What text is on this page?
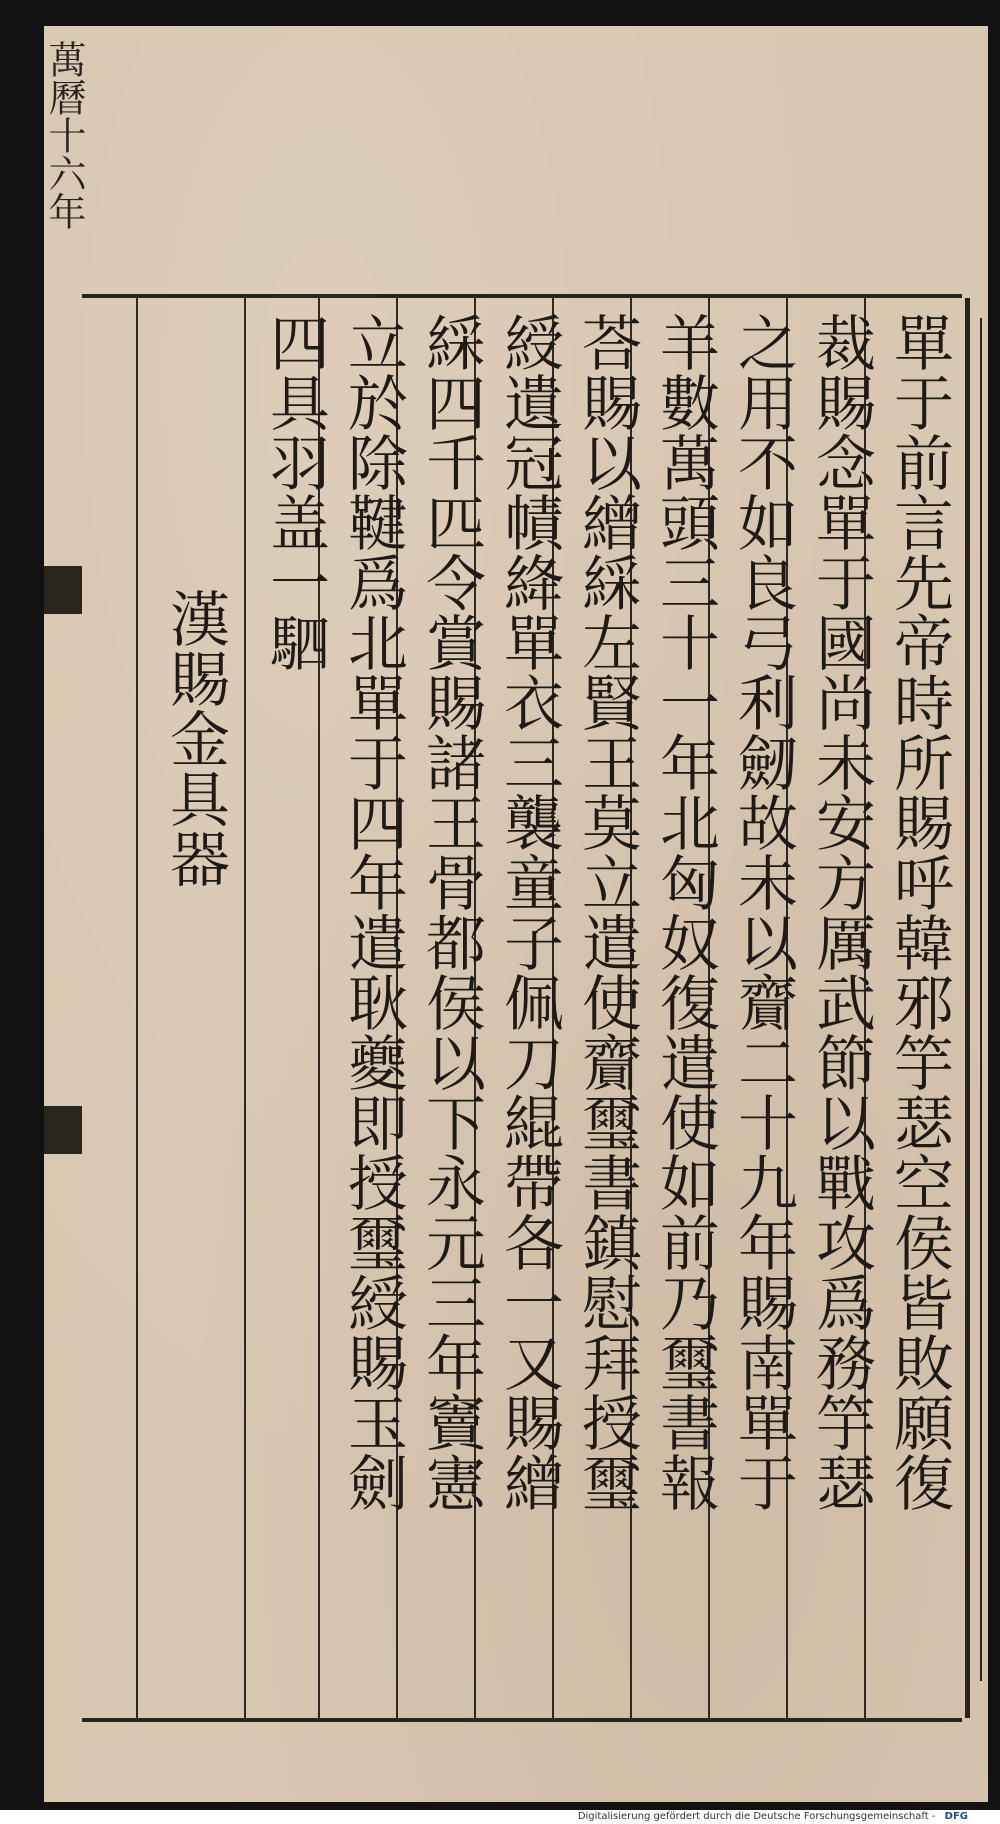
萬曆十六年
單于前言先帝時所賜呼韓邪竽瑟空侯皆敗願復
裁賜念單于國尚未安方厲武節以戰攻爲務竽瑟
之用不如良弓利劒故未以齎二十九年賜南單于
羊數萬頭三十一年北匈奴復遣使如前乃璽書報
荅賜以繒綵左賢王莫立遣使齎璽書鎮慰拜授璽
綬遺冠幘絳單衣三襲童子佩刀緄帶各一又賜繒
綵四千匹令賞賜諸王骨都侯以下永元三年竇憲
立於除鞬爲北單于四年遣耿夔即授璽綬賜玉劍
四具羽盖一駟
漢賜金具器
Digitalisierung gefördert durch die Deutsche Forschungsgemeinschaft - DFG
